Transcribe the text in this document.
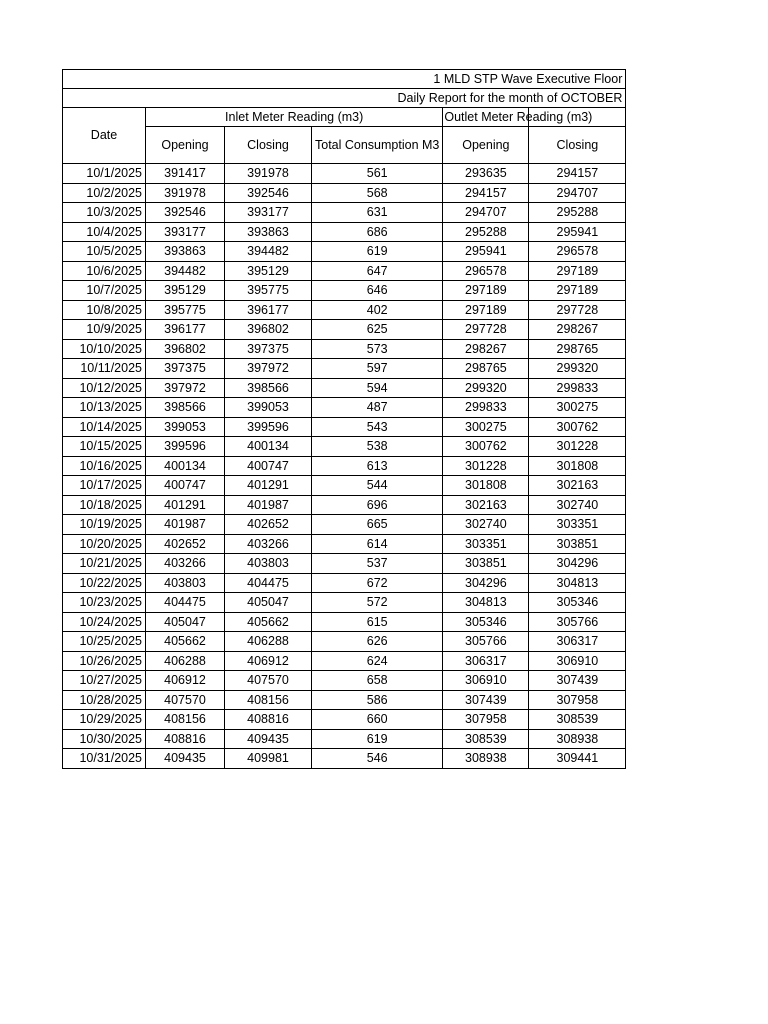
1 MLD STP Wave Executive Floor					
Daily Report for the month of OCTOBER					
Date	Inlet Meter Reading (m3)			Outlet Meter Reading (m3)	

	Opening	Closing	Total Consumption M3	Opening	Closing
10/1/2025	391417	391978	561	293635	294157
10/2/2025	391978	392546	568	294157	294707
10/3/2025	392546	393177	631	294707	295288
10/4/2025	393177	393863	686	295288	295941
10/5/2025	393863	394482	619	295941	296578
10/6/2025	394482	395129	647	296578	297189
10/7/2025	395129	395775	646	297189	297189
10/8/2025	395775	396177	402	297189	297728
10/9/2025	396177	396802	625	297728	298267
10/10/2025	396802	397375	573	298267	298765
10/11/2025	397375	397972	597	298765	299320
10/12/2025	397972	398566	594	299320	299833
10/13/2025	398566	399053	487	299833	300275
10/14/2025	399053	399596	543	300275	300762
10/15/2025	399596	400134	538	300762	301228
10/16/2025	400134	400747	613	301228	301808
10/17/2025	400747	401291	544	301808	302163
10/18/2025	401291	401987	696	302163	302740
10/19/2025	401987	402652	665	302740	303351
10/20/2025	402652	403266	614	303351	303851
10/21/2025	403266	403803	537	303851	304296
10/22/2025	403803	404475	672	304296	304813
10/23/2025	404475	405047	572	304813	305346
10/24/2025	405047	405662	615	305346	305766
10/25/2025	405662	406288	626	305766	306317
10/26/2025	406288	406912	624	306317	306910
10/27/2025	406912	407570	658	306910	307439
10/28/2025	407570	408156	586	307439	307958
10/29/2025	408156	408816	660	307958	308539
10/30/2025	408816	409435	619	308539	308938
10/31/2025	409435	409981	546	308938	309441
